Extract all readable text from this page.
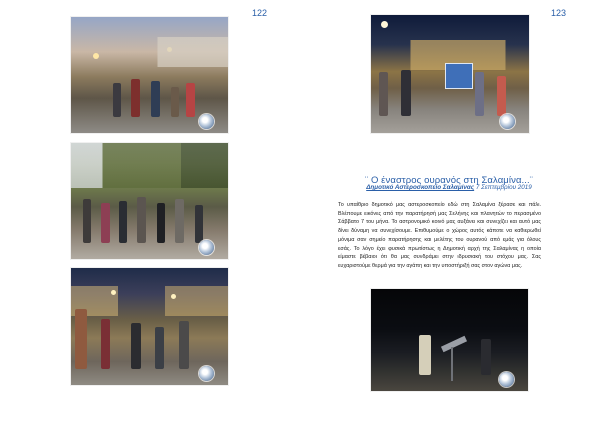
122	123
¨ Ο έναστρος ουρανός στη Σαλαμίνα...¨
Δημοτικό Αστεροσκοπείο Σαλαμίνας 7 Σεπτεμβρίου 2019

Το υπαίθριο δημοτικό μας αστεροσκοπείο εδώ στη Σαλαμίνα ξέρασε και πάλι. Βλέπουμε εικόνες από την παρατήρησή μας Σελήνης και πλανητών το περασμένο Σάββατο 7 του μήνα. Το αστρονομικό κοινό μας αυξάνει και συνεχίζει και αυτό μας δίνει δύναμη να συνεχίσουμε. Επιθυμούμε ο χώρος αυτός κάποτε να καθιερωθεί μόνιμα σαν σημείο παρατήρησης και μελέτης του ουρανού από εμάς για όλους εσάς. Το λόγο έχει φυσικά πρωτίστως η Δημοτική αρχή της Σαλαμίνας η οποία είμαστε βέβαιοι ότι θα μας συνδράμει στην ιδρυσιακή του στόχου μας. Σας ευχαριστούμε θερμά για την αγάπη και την υποστήριξή σας στον αγώνα μας.
